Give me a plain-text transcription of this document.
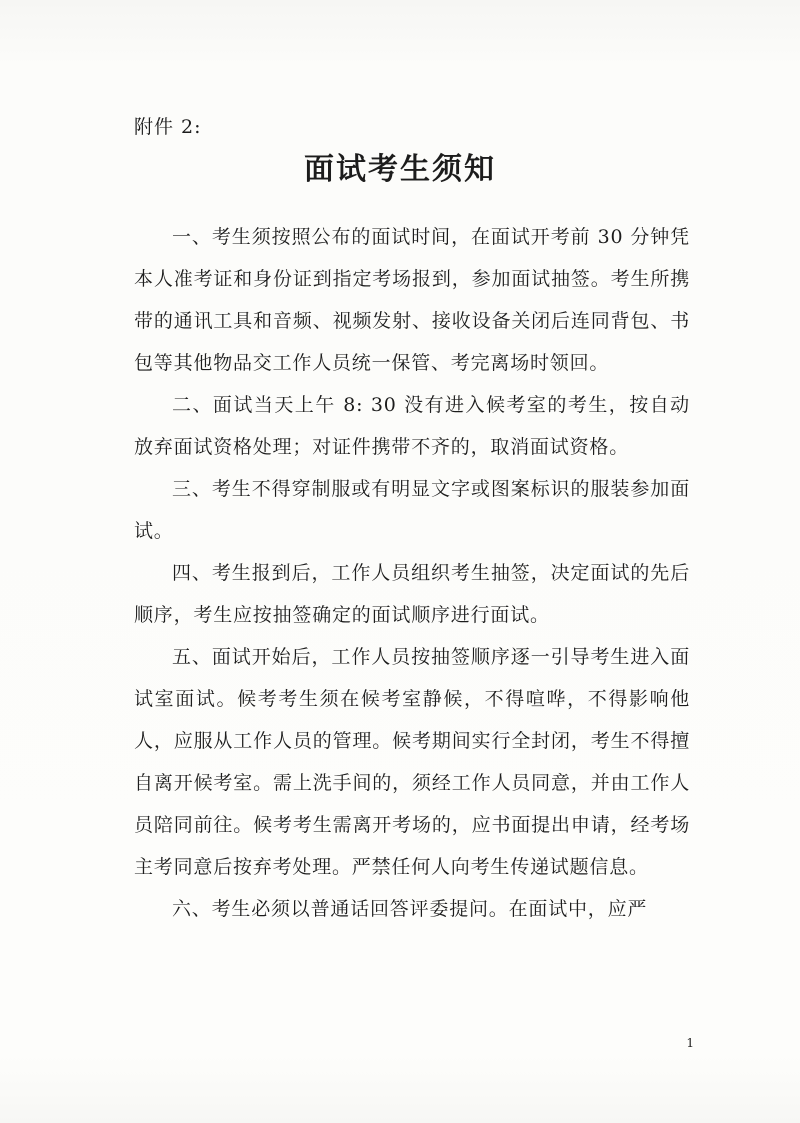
附件 2:
面试考生须知

一、考生须按照公布的面试时间，在面试开考前 30 分钟凭本人准考证和身份证到指定考场报到，参加面试抽签。考生所携带的通讯工具和音频、视频发射、接收设备关闭后连同背包、书包等其他物品交工作人员统一保管、考完离场时领回。

二、面试当天上午 8: 30 没有进入候考室的考生，按自动放弃面试资格处理；对证件携带不齐的，取消面试资格。

三、考生不得穿制服或有明显文字或图案标识的服装参加面试。

四、考生报到后，工作人员组织考生抽签，决定面试的先后顺序，考生应按抽签确定的面试顺序进行面试。

五、面试开始后，工作人员按抽签顺序逐一引导考生进入面试室面试。候考考生须在候考室静候，不得喧哗，不得影响他人，应服从工作人员的管理。候考期间实行全封闭，考生不得擅自离开候考室。需上洗手间的，须经工作人员同意，并由工作人员陪同前往。候考考生需离开考场的，应书面提出申请，经考场主考同意后按弃考处理。严禁任何人向考生传递试题信息。

六、考生必须以普通话回答评委提问。在面试中，应严

1
